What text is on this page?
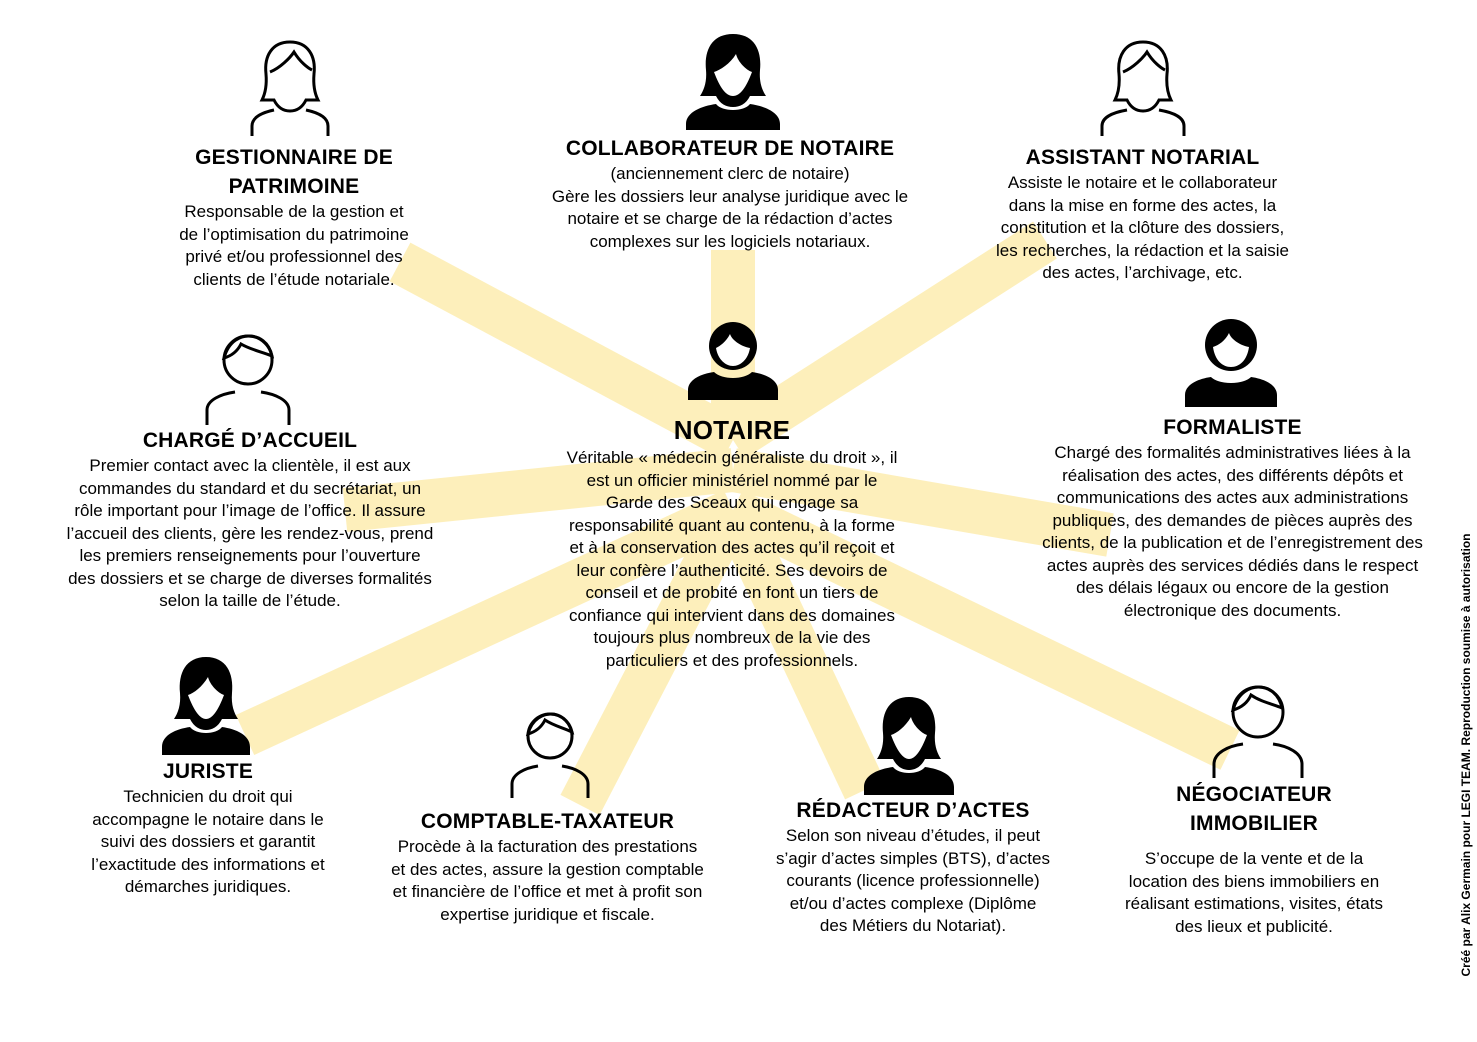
GESTIONNAIRE DE PATRIMOINE

Responsable de la gestion et de l’optimisation du patrimoine privé et/ou professionnel des clients de l’étude notariale.

COLLABORATEUR DE NOTAIRE

(anciennement clerc de notaire)

Gère les dossiers leur analyse juridique avec le notaire et se charge de la rédaction d’actes complexes sur les logiciels notariaux.

ASSISTANT NOTARIAL

Assiste le notaire et le collaborateur dans la mise en forme des actes, la constitution et la clôture des dossiers, les recherches, la rédaction et la saisie des actes, l’archivage, etc.

CHARGÉ D’ACCUEIL

Premier contact avec la clientèle, il est aux commandes du standard et du secrétariat, un rôle important pour l’image de l’office. Il assure l’accueil des clients, gère les rendez-vous, prend les premiers renseignements pour l’ouverture des dossiers et se charge de diverses formalités selon la taille de l’étude.

NOTAIRE

Véritable « médecin généraliste du droit », il est un officier ministériel nommé par le Garde des Sceaux qui engage sa responsabilité quant au contenu, à la forme et à la conservation des actes qu’il reçoit et leur confère l’authenticité. Ses devoirs de conseil et de probité en font un tiers de confiance qui intervient dans des domaines toujours plus nombreux de la vie des particuliers et des professionnels.

FORMALISTE

Chargé des formalités administratives liées à la réalisation des actes, des différents dépôts et communications des actes aux administrations publiques, des demandes de pièces auprès des clients, de la publication et de l’enregistrement des actes auprès des services dédiés dans le respect des délais légaux ou encore de la gestion électronique des documents.

JURISTE

Technicien du droit qui accompagne le notaire dans le suivi des dossiers et garantit l’exactitude des informations et démarches juridiques.

COMPTABLE-TAXATEUR

Procède à la facturation des prestations et des actes, assure la gestion comptable et financière de l’office et met à profit son expertise juridique et fiscale.

RÉDACTEUR D’ACTES

Selon son niveau d’études, il peut s’agir d’actes simples (BTS), d’actes courants (licence professionnelle) et/ou d’actes complexe (Diplôme des Métiers du Notariat).

NÉGOCIATEUR IMMOBILIER

S’occupe de la vente et de la location des biens immobiliers en réalisant estimations, visites, états des lieux et publicité.	Créé par Alix Germain pour LEGI TEAM. Reproduction soumise à autorisation
